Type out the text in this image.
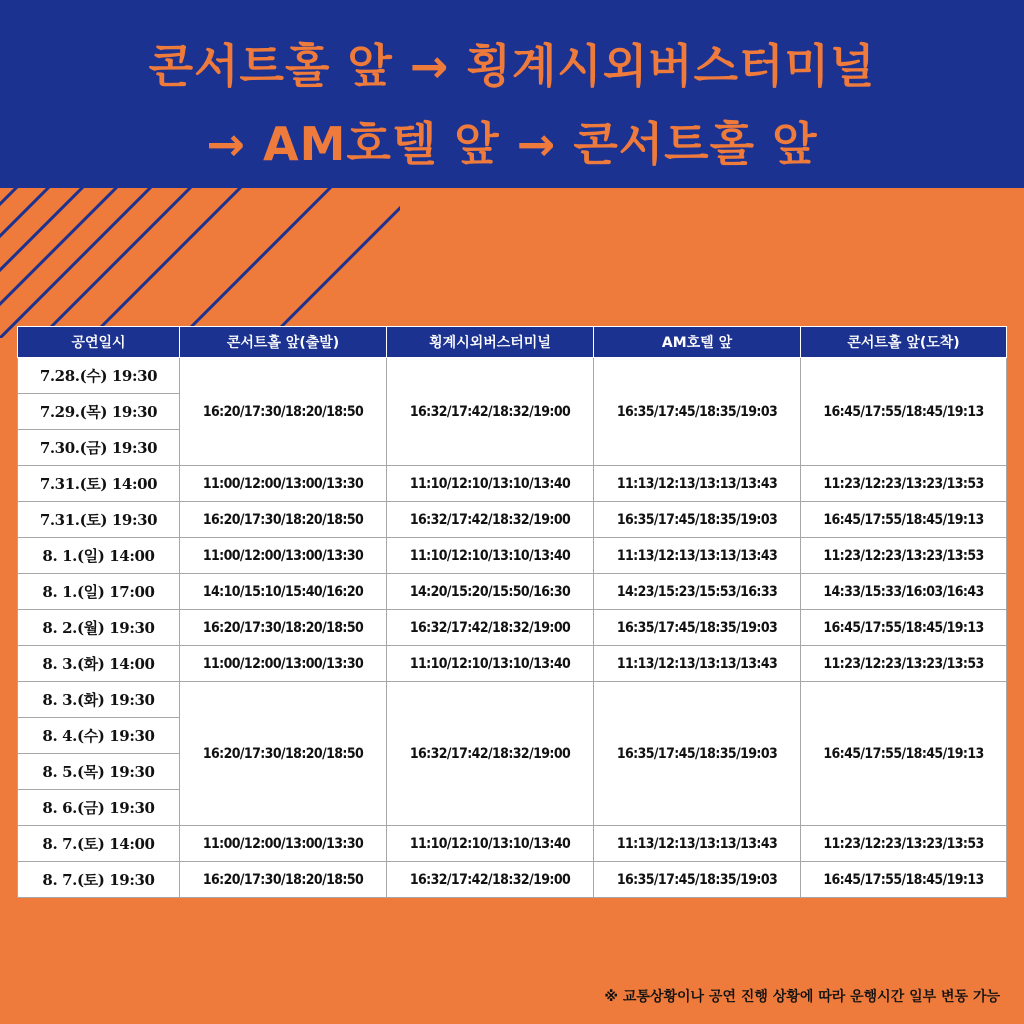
콘서트홀 앞 → 횡계시외버스터미널
→ AM호텔 앞 → 콘서트홀 앞
공연일시	콘서트홀 앞(출발)	횡계시외버스터미널	AM호텔 앞	콘서트홀 앞(도착)
7.28.(수) 19:30	16:20/17:30/18:20/18:50	16:32/17:42/18:32/19:00	16:35/17:45/18:35/19:03	16:45/17:55/18:45/19:13
7.29.(목) 19:30				
7.30.(금) 19:30				
7.31.(토) 14:00	11:00/12:00/13:00/13:30	11:10/12:10/13:10/13:40	11:13/12:13/13:13/13:43	11:23/12:23/13:23/13:53
7.31.(토) 19:30	16:20/17:30/18:20/18:50	16:32/17:42/18:32/19:00	16:35/17:45/18:35/19:03	16:45/17:55/18:45/19:13
8. 1.(일) 14:00	11:00/12:00/13:00/13:30	11:10/12:10/13:10/13:40	11:13/12:13/13:13/13:43	11:23/12:23/13:23/13:53
8. 1.(일) 17:00	14:10/15:10/15:40/16:20	14:20/15:20/15:50/16:30	14:23/15:23/15:53/16:33	14:33/15:33/16:03/16:43
8. 2.(월) 19:30	16:20/17:30/18:20/18:50	16:32/17:42/18:32/19:00	16:35/17:45/18:35/19:03	16:45/17:55/18:45/19:13
8. 3.(화) 14:00	11:00/12:00/13:00/13:30	11:10/12:10/13:10/13:40	11:13/12:13/13:13/13:43	11:23/12:23/13:23/13:53
8. 3.(화) 19:30	16:20/17:30/18:20/18:50	16:32/17:42/18:32/19:00	16:35/17:45/18:35/19:03	16:45/17:55/18:45/19:13
8. 4.(수) 19:30				
8. 5.(목) 19:30				
8. 6.(금) 19:30				
8. 7.(토) 14:00	11:00/12:00/13:00/13:30	11:10/12:10/13:10/13:40	11:13/12:13/13:13/13:43	11:23/12:23/13:23/13:53
8. 7.(토) 19:30	16:20/17:30/18:20/18:50	16:32/17:42/18:32/19:00	16:35/17:45/18:35/19:03	16:45/17:55/18:45/19:13
※ 교통상황이나 공연 진행 상황에 따라 운행시간 일부 변동 가능
